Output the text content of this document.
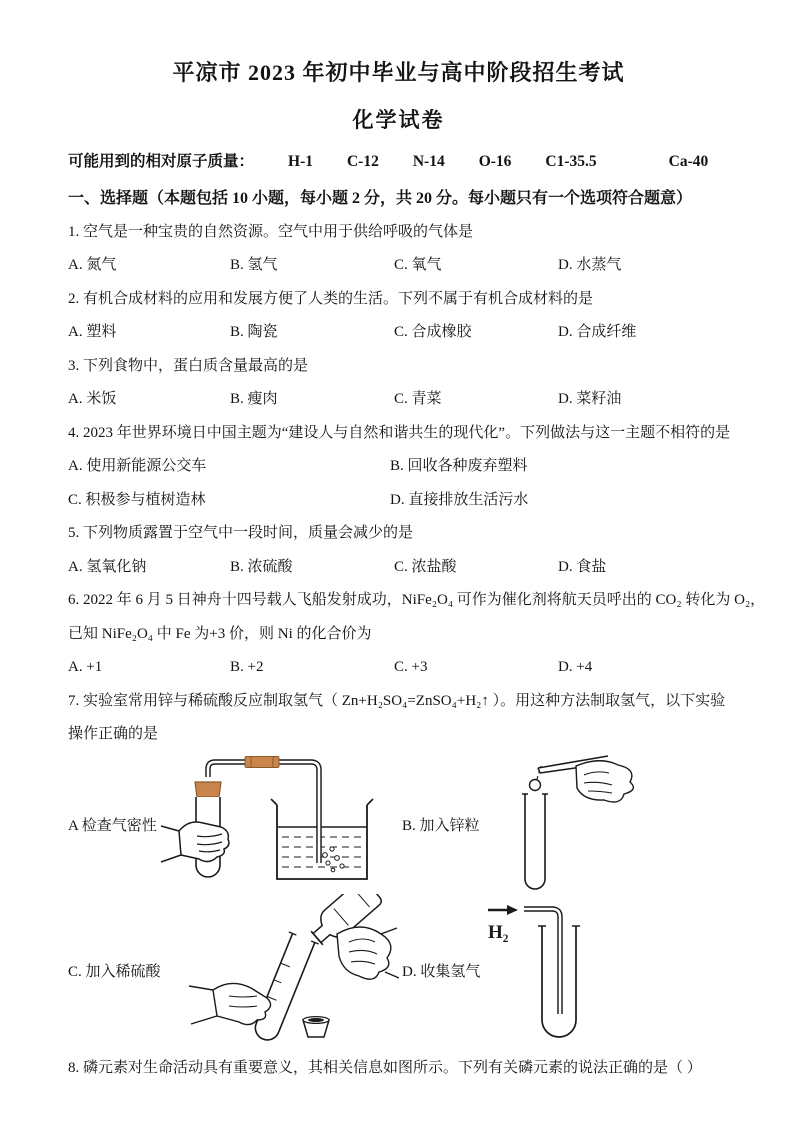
平凉市 2023 年初中毕业与高中阶段招生考试
化学试卷
可能用到的相对原子质量： H-1 C-12 N-14 O-16 C1-35.5	Ca-40
一、选择题（本题包括 10 小题，每小题 2 分，共 20 分。每小题只有一个选项符合题意）
1. 空气是一种宝贵的自然资源。空气中用于供给呼吸的气体是
A. 氮气	B. 氢气	C. 氧气	D. 水蒸气
2. 有机合成材料的应用和发展方便了人类的生活。下列不属于有机合成材料的是
A. 塑料	B. 陶瓷	C. 合成橡胶	D. 合成纤维
3. 下列食物中，蛋白质含量最高的是
A. 米饭	B. 瘦肉	C. 青菜	D. 菜籽油
4. 2023 年世界环境日中国主题为“建设人与自然和谐共生的现代化”。下列做法与这一主题不相符的是
A. 使用新能源公交车	B. 回收各种废弃塑料
C. 积极参与植树造林	D. 直接排放生活污水
5. 下列物质露置于空气中一段时间，质量会减少的是
A. 氢氧化钠	B. 浓硫酸	C. 浓盐酸	D. 食盐
6. 2022 年 6 月 5 日神舟十四号载人飞船发射成功，NiFe₂O₄ 可作为催化剂将航天员呼出的 CO₂ 转化为 O₂，
已知 NiFe₂O₄ 中 Fe 为+3 价，则 Ni 的化合价为
A. +1	B. +2	C. +3	D. +4
7. 实验室常用锌与稀硫酸反应制取氢气（ Zn+H₂SO₄=ZnSO₄+H₂↑ ）。用这种方法制取氢气，以下实验
操作正确的是
A 检查气密性	B. 加入锌粒
C. 加入稀硫酸	D. 收集氢气
H₂
8. 磷元素对生命活动具有重要意义，其相关信息如图所示。下列有关磷元素的说法正确的是（ ）
